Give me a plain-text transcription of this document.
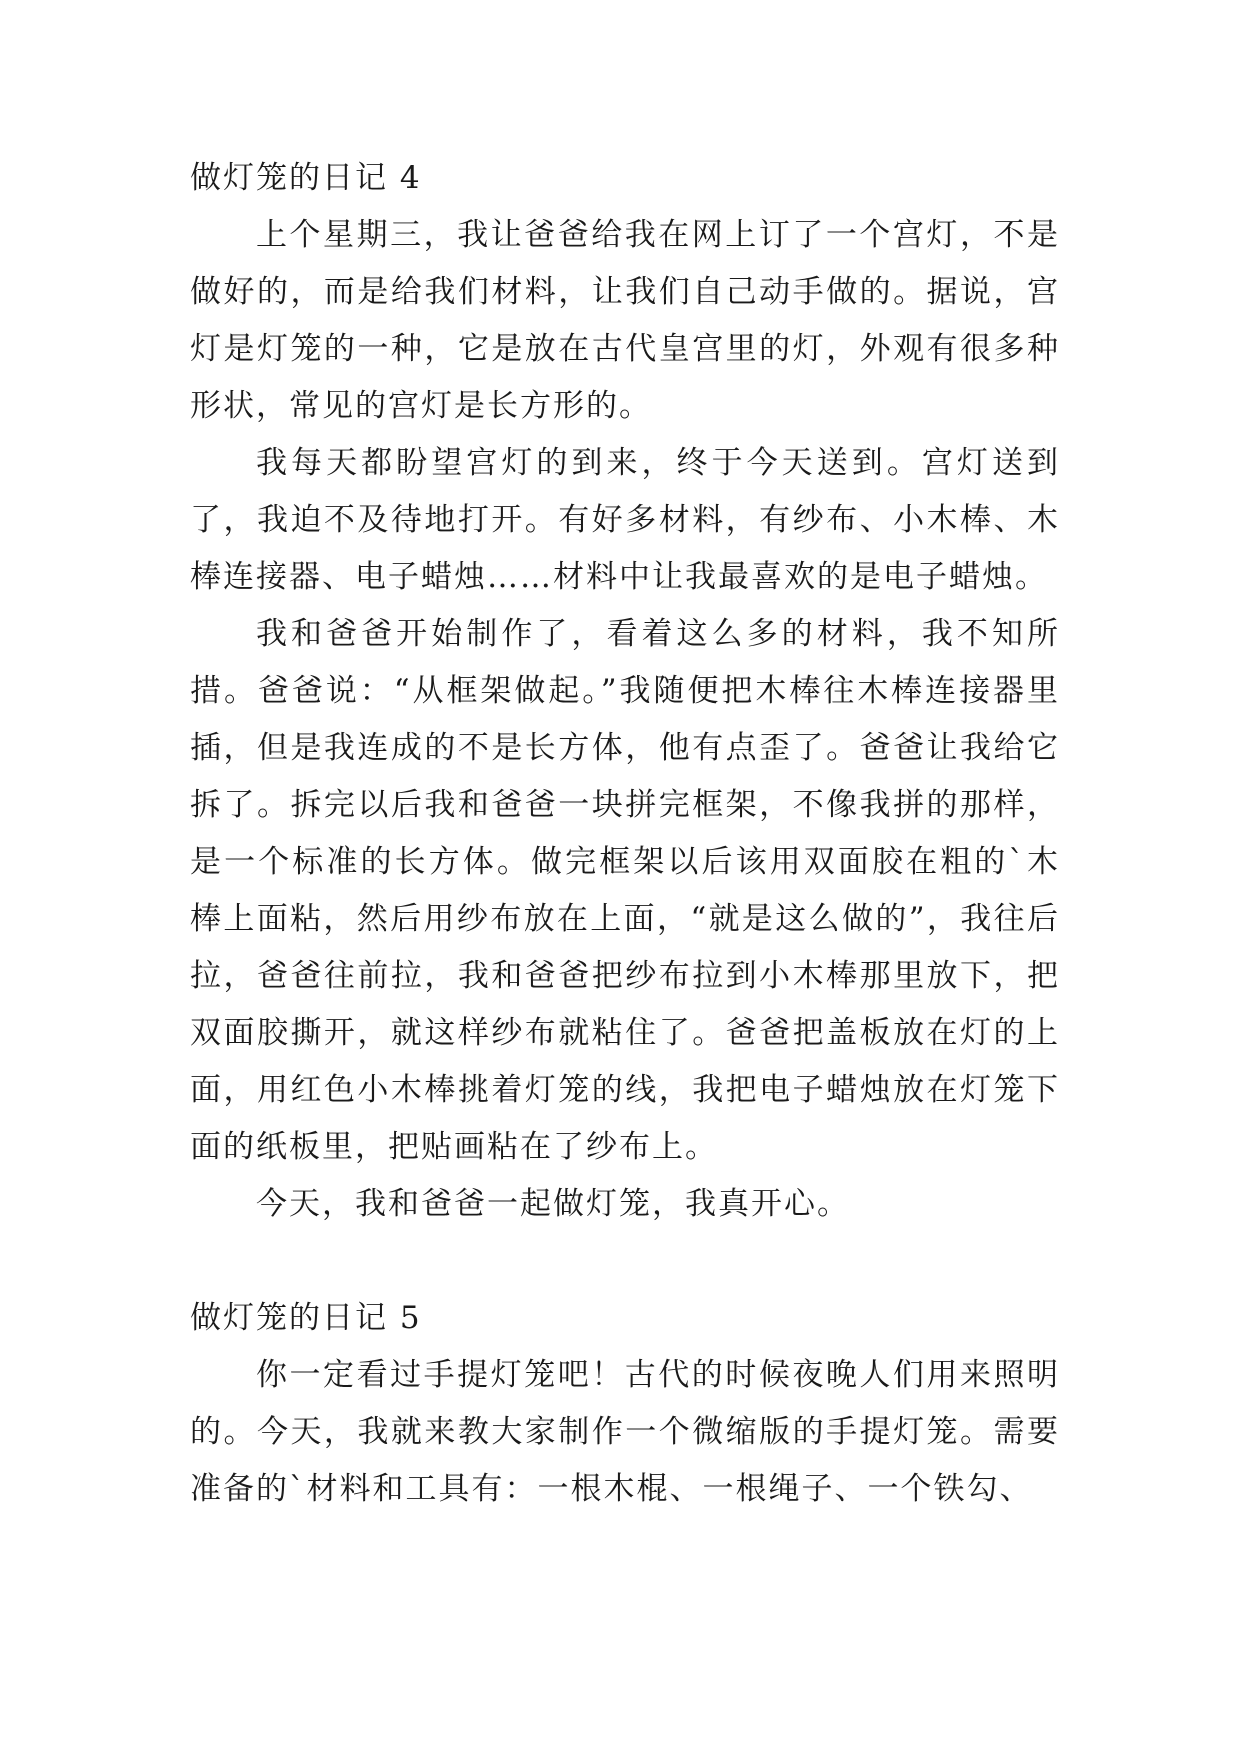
做灯笼的日记 4

上个星期三，我让爸爸给我在网上订了一个宫灯，不是做好的，而是给我们材料，让我们自己动手做的。据说，宫灯是灯笼的一种，它是放在古代皇宫里的灯，外观有很多种形状，常见的宫灯是长方形的。

我每天都盼望宫灯的到来，终于今天送到。宫灯送到了，我迫不及待地打开。有好多材料，有纱布、小木棒、木棒连接器、电子蜡烛……材料中让我最喜欢的是电子蜡烛。

我和爸爸开始制作了，看着这么多的材料，我不知所措。爸爸说：“从框架做起。”我随便把木棒往木棒连接器里插，但是我连成的不是长方体，他有点歪了。爸爸让我给它拆了。拆完以后我和爸爸一块拼完框架，不像我拼的那样，是一个标准的长方体。做完框架以后该用双面胶在粗的`木棒上面粘，然后用纱布放在上面，“就是这么做的”，我往后拉，爸爸往前拉，我和爸爸把纱布拉到小木棒那里放下，把双面胶撕开，就这样纱布就粘住了。爸爸把盖板放在灯的上面，用红色小木棒挑着灯笼的线，我把电子蜡烛放在灯笼下面的纸板里，把贴画粘在了纱布上。

今天，我和爸爸一起做灯笼，我真开心。

做灯笼的日记 5

你一定看过手提灯笼吧！古代的时候夜晚人们用来照明的。今天，我就来教大家制作一个微缩版的手提灯笼。需要准备的`材料和工具有：一根木棍、一根绳子、一个铁勾、
